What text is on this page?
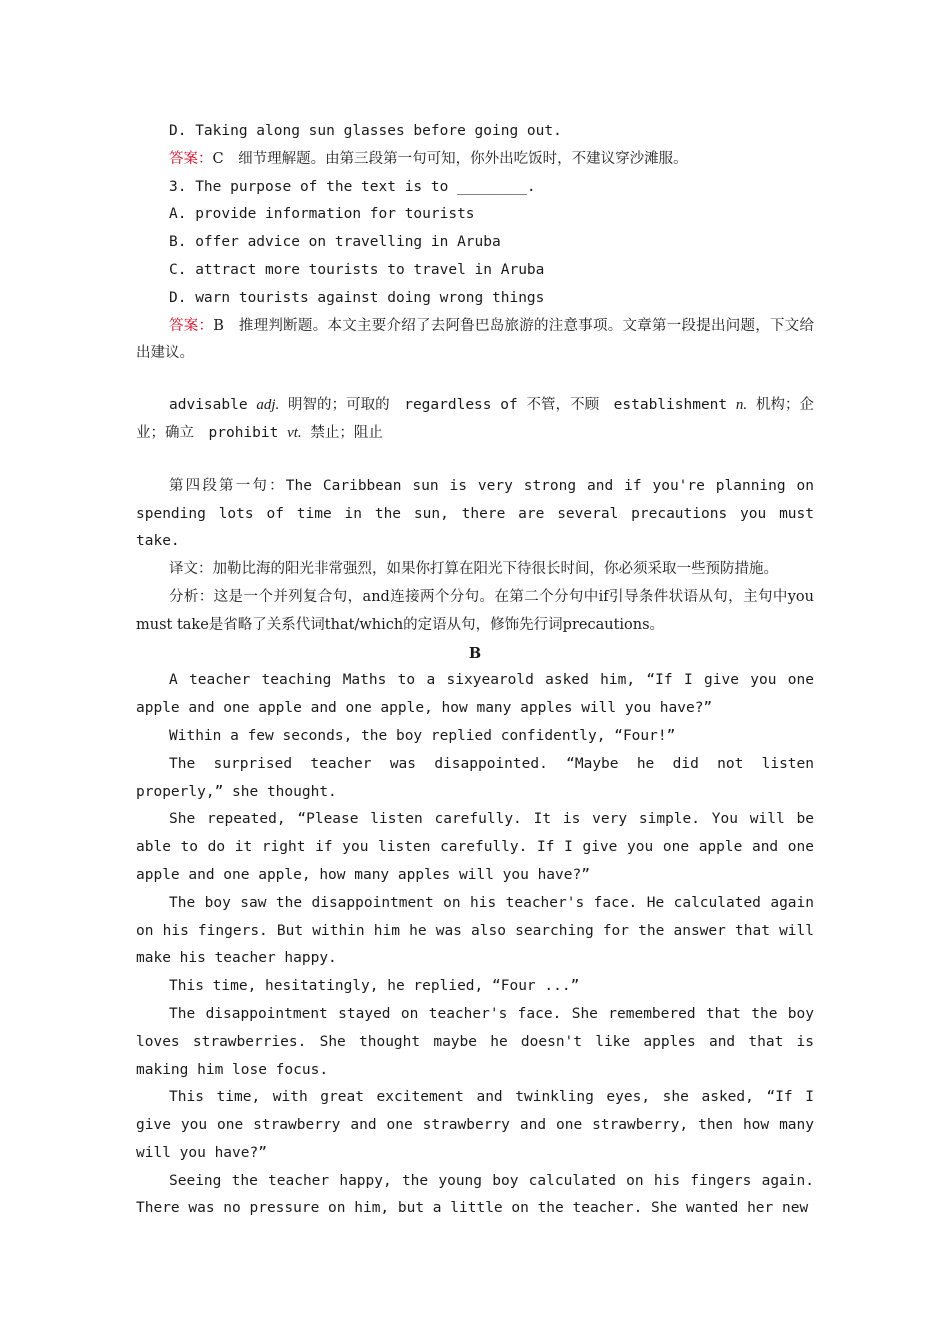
D. Taking along sun glasses before going out.
答案：C　细节理解题。由第三段第一句可知，你外出吃饭时，不建议穿沙滩服。
3. The purpose of the text is to ________.
A. provide information for tourists
B. offer advice on travelling in Aruba
C. attract more tourists to travel in Aruba
D. warn tourists against doing wrong things
答案：B　推理判断题。本文主要介绍了去阿鲁巴岛旅游的注意事项。文章第一段提出问题，下文给出建议。
advisable adj. 明智的；可取的　regardless of 不管，不顾　establishment n. 机构；企业；确立　prohibit vt. 禁止；阻止
第四段第一句：The Caribbean sun is very strong and if you're planning on spending lots of time in the sun, there are several precautions you must take.
译文：加勒比海的阳光非常强烈，如果你打算在阳光下待很长时间，你必须采取一些预防措施。
分析：这是一个并列复合句，and连接两个分句。在第二个分句中if引导条件状语从句，主句中you must take是省略了关系代词that/which的定语从句，修饰先行词precautions。
B
A teacher teaching Maths to a sixyearold asked him, “If I give you one apple and one apple and one apple, how many apples will you have?”
Within a few seconds, the boy replied confidently, “Four!”
The surprised teacher was disappointed. “Maybe he did not listen properly,” she thought.
She repeated, “Please listen carefully. It is very simple. You will be able to do it right if you listen carefully. If I give you one apple and one apple and one apple, how many apples will you have?”
The boy saw the disappointment on his teacher's face. He calculated again on his fingers. But within him he was also searching for the answer that will make his teacher happy.
This time, hesitatingly, he replied, “Four ...”
The disappointment stayed on teacher's face. She remembered that the boy loves strawberries. She thought maybe he doesn't like apples and that is making him lose focus.
This time, with great excitement and twinkling eyes, she asked, “If I give you one strawberry and one strawberry and one strawberry, then how many will you have?”
Seeing the teacher happy, the young boy calculated on his fingers again. There was no pressure on him, but a little on the teacher. She wanted her new
